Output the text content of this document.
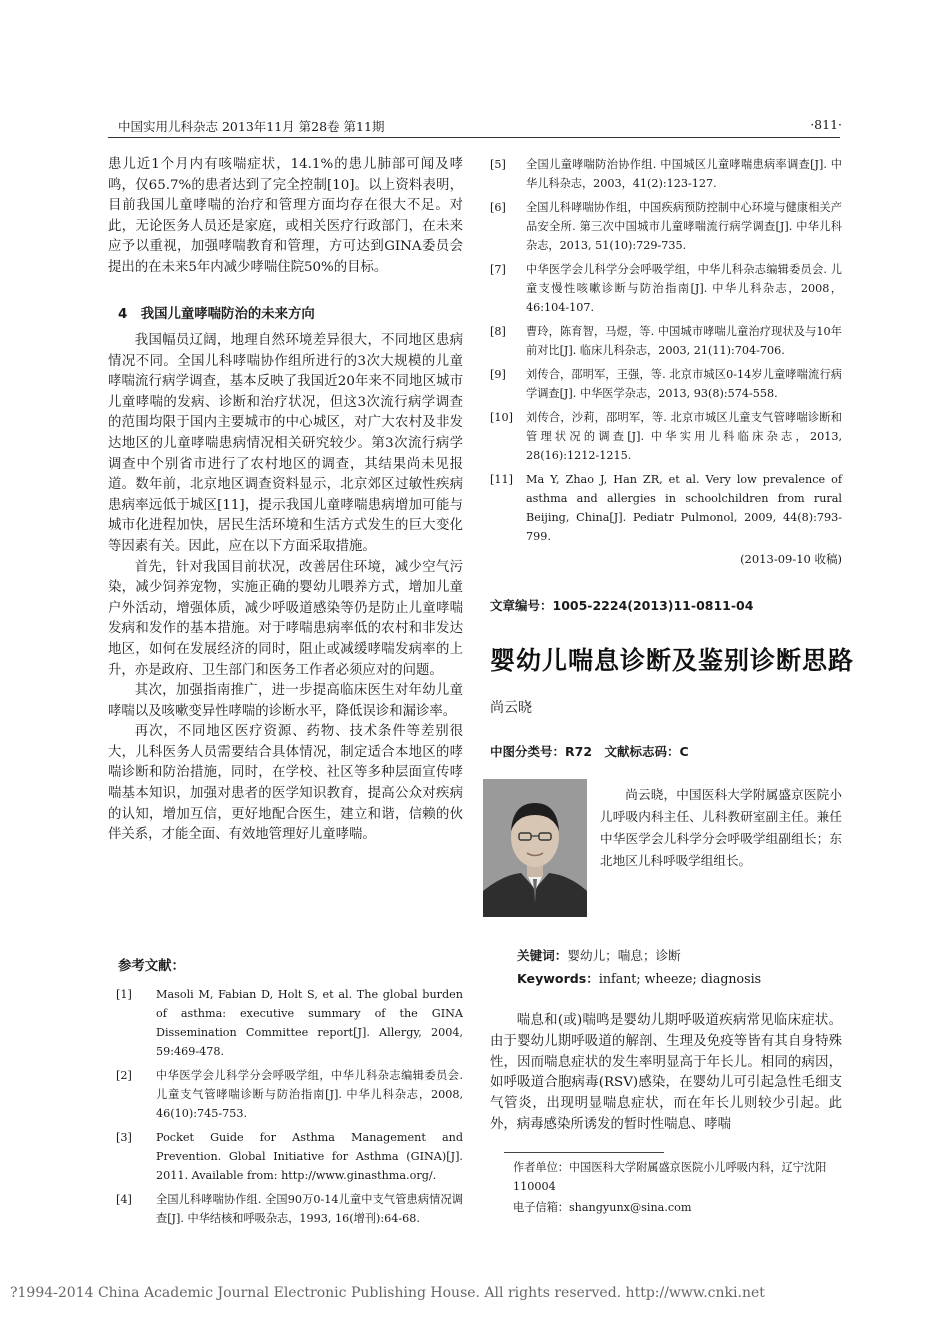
中国实用儿科杂志 2013年11月 第28卷 第11期	·811·

患儿近1个月内有咳喘症状，14.1%的患儿肺部可闻及哮鸣，仅65.7%的患者达到了完全控制[10]。以上资料表明，目前我国儿童哮喘的治疗和管理方面均存在很大不足。对此，无论医务人员还是家庭，或相关医疗行政部门，在未来应予以重视，加强哮喘教育和管理，方可达到GINA委员会提出的在未来5年内减少哮喘住院50%的目标。

4　我国儿童哮喘防治的未来方向

我国幅员辽阔，地理自然环境差异很大，不同地区患病情况不同。全国儿科哮喘协作组所进行的3次大规模的儿童哮喘流行病学调查，基本反映了我国近20年来不同地区城市儿童哮喘的发病、诊断和治疗状况，但这3次流行病学调查的范围均限于国内主要城市的中心城区，对广大农村及非发达地区的儿童哮喘患病情况相关研究较少。第3次流行病学调查中个别省市进行了农村地区的调查，其结果尚未见报道。数年前，北京地区调查资料显示，北京郊区过敏性疾病患病率远低于城区[11]，提示我国儿童哮喘患病增加可能与城市化进程加快，居民生活环境和生活方式发生的巨大变化等因素有关。因此，应在以下方面采取措施。

首先，针对我国目前状况，改善居住环境，减少空气污染，减少饲养宠物，实施正确的婴幼儿喂养方式，增加儿童户外活动，增强体质，减少呼吸道感染等仍是防止儿童哮喘发病和发作的基本措施。对于哮喘患病率低的农村和非发达地区，如何在发展经济的同时，阻止或减缓哮喘发病率的上升，亦是政府、卫生部门和医务工作者必须应对的问题。

其次，加强指南推广，进一步提高临床医生对年幼儿童哮喘以及咳嗽变异性哮喘的诊断水平，降低误诊和漏诊率。

再次，不同地区医疗资源、药物、技术条件等差别很大，儿科医务人员需要结合具体情况，制定适合本地区的哮喘诊断和防治措施，同时，在学校、社区等多种层面宣传哮喘基本知识，加强对患者的医学知识教育，提高公众对疾病的认知，增加互信，更好地配合医生，建立和谐，信赖的伙伴关系，才能全面、有效地管理好儿童哮喘。

参考文献：
[1]	Masoli M, Fabian D, Holt S, et al. The global burden of asthma: executive summary of the GINA Dissemination Committee report[J]. Allergy, 2004, 59:469-478.
[2]	中华医学会儿科学分会呼吸学组，中华儿科杂志编辑委员会. 儿童支气管哮喘诊断与防治指南[J]. 中华儿科杂志，2008, 46(10):745-753.
[3]	Pocket Guide for Asthma Management and Prevention. Global Initiative for Asthma (GINA)[J]. 2011. Available from: http://www.ginasthma.org/.
[4]	全国儿科哮喘协作组. 全国90万0-14儿童中支气管患病情况调查[J]. 中华结核和呼吸杂志，1993, 16(增刊):64-68.
[5]	全国儿童哮喘防治协作组. 中国城区儿童哮喘患病率调查[J]. 中华儿科杂志，2003，41(2):123-127.
[6]	全国儿科哮喘协作组，中国疾病预防控制中心环境与健康相关产品安全所. 第三次中国城市儿童哮喘流行病学调查[J]. 中华儿科杂志，2013, 51(10):729-735.
[7]	中华医学会儿科学分会呼吸学组，中华儿科杂志编辑委员会. 儿童支慢性咳嗽诊断与防治指南[J]. 中华儿科杂志，2008，46:104-107.
[8]	曹玲，陈育智，马煜，等. 中国城市哮喘儿童治疗现状及与10年前对比[J]. 临床儿科杂志，2003, 21(11):704-706.
[9]	刘传合，邵明军，王强，等. 北京市城区0-14岁儿童哮喘流行病学调查[J]. 中华医学杂志，2013, 93(8):574-558.
[10]	刘传合，沙莉，邵明军，等. 北京市城区儿童支气管哮喘诊断和管理状况的调查[J]. 中华实用儿科临床杂志，2013, 28(16):1212-1215.
[11]	Ma Y, Zhao J, Han ZR, et al. Very low prevalence of asthma and allergies in schoolchildren from rural Beijing, China[J]. Pediatr Pulmonol, 2009, 44(8):793-799.
(2013-09-10 收稿)
文章编号：1005-2224(2013)11-0811-04
婴幼儿喘息诊断及鉴别诊断思路
尚云晓
中图分类号：R72　文献标志码：C
尚云晓，中国医科大学附属盛京医院小儿呼吸内科主任、儿科教研室副主任。兼任中华医学会儿科学分会呼吸学组副组长；东北地区儿科呼吸学组组长。
关键词：婴幼儿；喘息；诊断
Keywords：infant; wheeze; diagnosis

喘息和(或)喘鸣是婴幼儿期呼吸道疾病常见临床症状。由于婴幼儿期呼吸道的解剖、生理及免疫等皆有其自身特殊性，因而喘息症状的发生率明显高于年长儿。相同的病因，如呼吸道合胞病毒(RSV)感染，在婴幼儿可引起急性毛细支气管炎，出现明显喘息症状，而在年长儿则较少引起。此外，病毒感染所诱发的暂时性喘息、哮喘

作者单位：中国医科大学附属盛京医院小儿呼吸内科，辽宁沈阳 110004
电子信箱：shangyunx@sina.com
?1994-2014 China Academic Journal Electronic Publishing House. All rights reserved. http://www.cnki.net
